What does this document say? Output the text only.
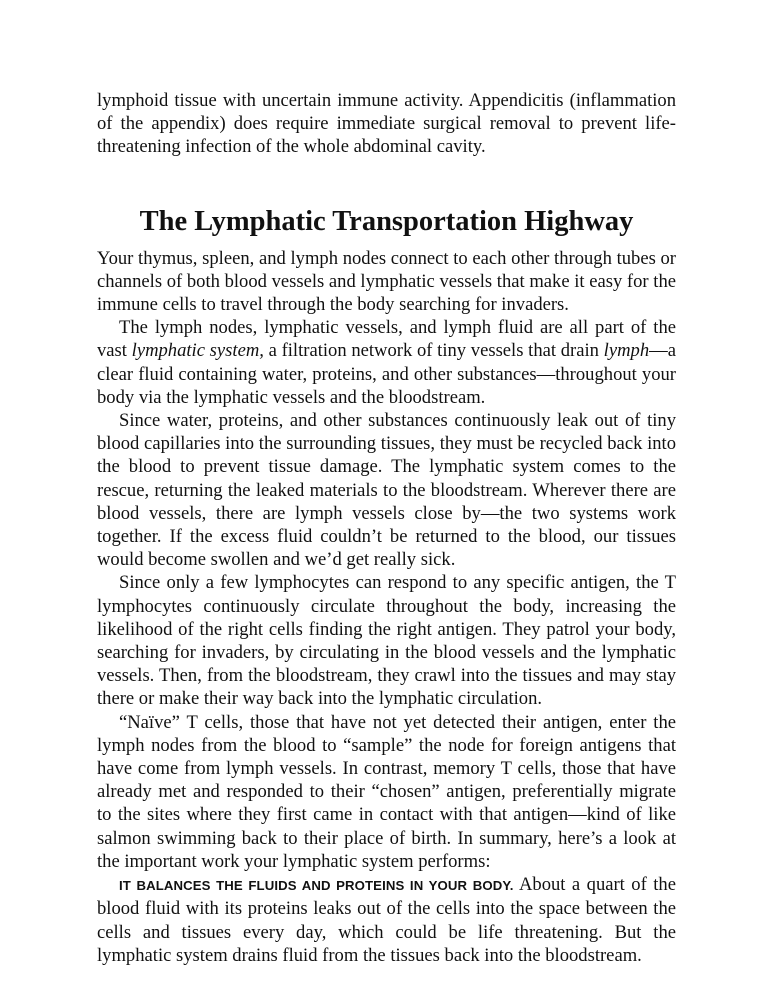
lymphoid tissue with uncertain immune activity. Appendicitis (inflammation of the appendix) does require immediate surgical removal to prevent life-threatening infection of the whole abdominal cavity.

The Lymphatic Transportation Highway

Your thymus, spleen, and lymph nodes connect to each other through tubes or channels of both blood vessels and lymphatic vessels that make it easy for the immune cells to travel through the body searching for invaders.

The lymph nodes, lymphatic vessels, and lymph fluid are all part of the vast lymphatic system, a filtration network of tiny vessels that drain lymph—a clear fluid containing water, proteins, and other substances—throughout your body via the lymphatic vessels and the bloodstream.

Since water, proteins, and other substances continuously leak out of tiny blood capillaries into the surrounding tissues, they must be recycled back into the blood to prevent tissue damage. The lymphatic system comes to the rescue, returning the leaked materials to the bloodstream. Wherever there are blood vessels, there are lymph vessels close by—the two systems work together. If the excess fluid couldn’t be returned to the blood, our tissues would become swollen and we’d get really sick.

Since only a few lymphocytes can respond to any specific antigen, the T lymphocytes continuously circulate throughout the body, increasing the likelihood of the right cells finding the right antigen. They patrol your body, searching for invaders, by circulating in the blood vessels and the lymphatic vessels. Then, from the bloodstream, they crawl into the tissues and may stay there or make their way back into the lymphatic circulation.

“Naïve” T cells, those that have not yet detected their antigen, enter the lymph nodes from the blood to “sample” the node for foreign antigens that have come from lymph vessels. In contrast, memory T cells, those that have already met and responded to their “chosen” antigen, preferentially migrate to the sites where they first came in contact with that antigen—kind of like salmon swimming back to their place of birth. In summary, here’s a look at the important work your lymphatic system performs:

IT BALANCES THE FLUIDS AND PROTEINS IN YOUR BODY. About a quart of the blood fluid with its proteins leaks out of the cells into the space between the cells and tissues every day, which could be life threatening. But the lymphatic system drains fluid from the tissues back into the bloodstream.
